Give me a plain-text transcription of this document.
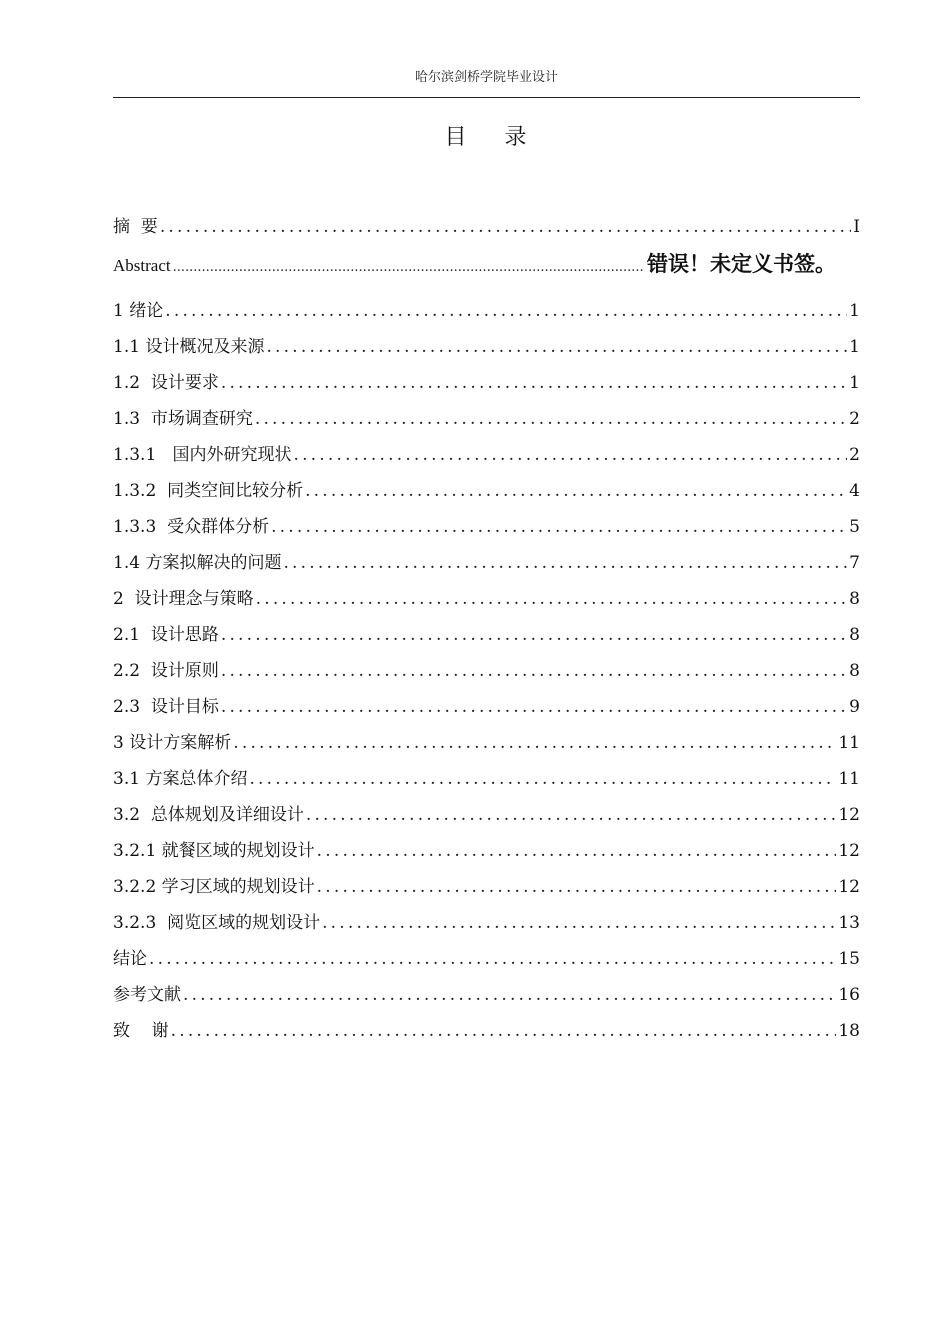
哈尔滨剑桥学院毕业设计
目    录
摘  要 .....	I
Abstract .....	错误！未定义书签。
1 绪论 .....	1
1.1 设计概况及来源 .....	1
1.2  设计要求 .....	1
1.3  市场调查研究 .....	2
1.3.1   国内外研究现状 .....	2
1.3.2  同类空间比较分析 .....	4
1.3.3  受众群体分析 .....	5
1.4 方案拟解决的问题 .....	7
2  设计理念与策略 .....	8
2.1  设计思路 .....	8
2.2  设计原则 .....	8
2.3  设计目标 .....	9
3 设计方案解析 .....	11
3.1 方案总体介绍 .....	11
3.2  总体规划及详细设计 .....	12
3.2.1 就餐区域的规划设计 .....	12
3.2.2 学习区域的规划设计 .....	12
3.2.3  阅览区域的规划设计 .....	13
结论 .....	15
参考文献 .....	16
致    谢 .....	18
